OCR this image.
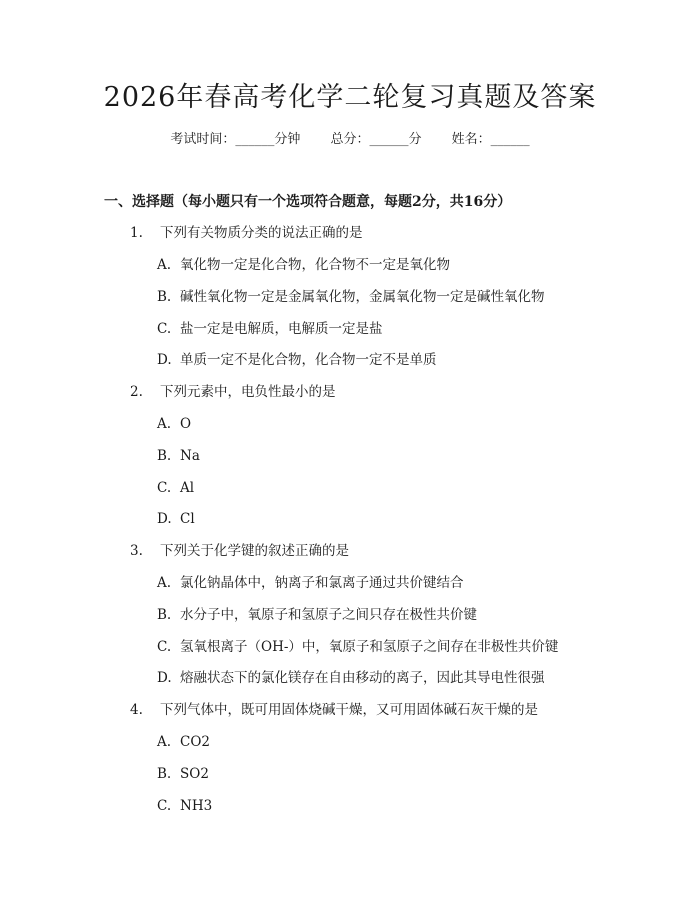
2026年春高考化学二轮复习真题及答案
考试时间：______分钟 总分：______分 姓名：______
一、选择题（每小题只有一个选项符合题意，每题2分，共16分）
1. 下列有关物质分类的说法正确的是
A. 氧化物一定是化合物，化合物不一定是氧化物
B. 碱性氧化物一定是金属氧化物，金属氧化物一定是碱性氧化物
C. 盐一定是电解质，电解质一定是盐
D. 单质一定不是化合物，化合物一定不是单质
2. 下列元素中，电负性最小的是
A. O
B. Na
C. Al
D. Cl
3. 下列关于化学键的叙述正确的是
A. 氯化钠晶体中，钠离子和氯离子通过共价键结合
B. 水分子中，氧原子和氢原子之间只存在极性共价键
C. 氢氧根离子（OH-）中，氧原子和氢原子之间存在非极性共价键
D. 熔融状态下的氯化镁存在自由移动的离子，因此其导电性很强
4. 下列气体中，既可用固体烧碱干燥，又可用固体碱石灰干燥的是
A. CO2
B. SO2
C. NH3
